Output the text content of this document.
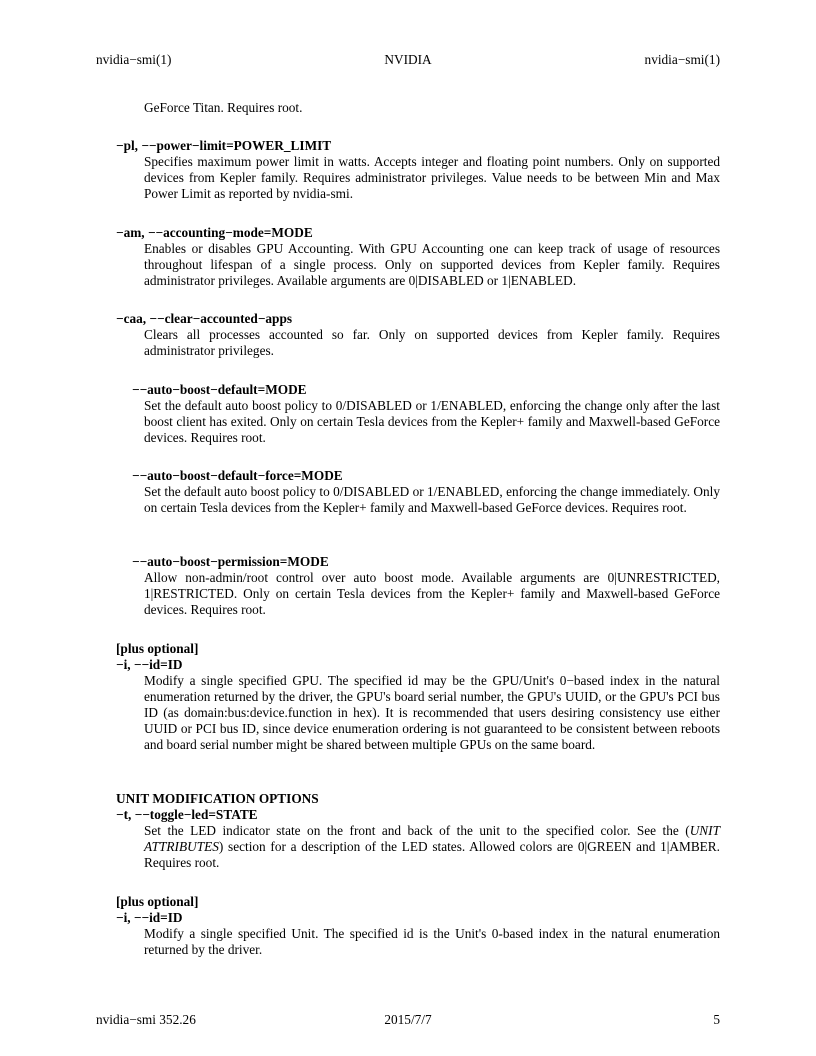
nvidia−smi(1)	NVIDIA	nvidia−smi(1)
GeForce Titan. Requires root.
−pl, −−power−limit=POWER_LIMIT
Specifies maximum power limit in watts. Accepts integer and floating point numbers. Only on supported devices from Kepler family. Requires administrator privileges. Value needs to be between Min and Max Power Limit as reported by nvidia-smi.
−am, −−accounting−mode=MODE
Enables or disables GPU Accounting. With GPU Accounting one can keep track of usage of resources throughout lifespan of a single process. Only on supported devices from Kepler family. Requires administrator privileges. Available arguments are 0|DISABLED or 1|ENABLED.
−caa, −−clear−accounted−apps
Clears all processes accounted so far. Only on supported devices from Kepler family. Requires administrator privileges.
−−auto−boost−default=MODE
Set the default auto boost policy to 0/DISABLED or 1/ENABLED, enforcing the change only after the last boost client has exited. Only on certain Tesla devices from the Kepler+ family and Maxwell-based GeForce devices. Requires root.
−−auto−boost−default−force=MODE
Set the default auto boost policy to 0/DISABLED or 1/ENABLED, enforcing the change immediately. Only on certain Tesla devices from the Kepler+ family and Maxwell-based GeForce devices. Requires root.
−−auto−boost−permission=MODE
Allow non-admin/root control over auto boost mode. Available arguments are 0|UNRESTRICTED, 1|RESTRICTED. Only on certain Tesla devices from the Kepler+ family and Maxwell-based GeForce devices. Requires root.
[plus optional]
−i, −−id=ID
Modify a single specified GPU. The specified id may be the GPU/Unit's 0−based index in the natural enumeration returned by the driver, the GPU's board serial number, the GPU's UUID, or the GPU's PCI bus ID (as domain:bus:device.function in hex). It is recommended that users desiring consistency use either UUID or PCI bus ID, since device enumeration ordering is not guaranteed to be consistent between reboots and board serial number might be shared between multiple GPUs on the same board.
UNIT MODIFICATION OPTIONS
−t, −−toggle−led=STATE
Set the LED indicator state on the front and back of the unit to the specified color. See the (UNIT ATTRIBUTES) section for a description of the LED states. Allowed colors are 0|GREEN and 1|AMBER. Requires root.
[plus optional]
−i, −−id=ID
Modify a single specified Unit. The specified id is the Unit's 0-based index in the natural enumeration returned by the driver.
nvidia−smi 352.26	2015/7/7	5
